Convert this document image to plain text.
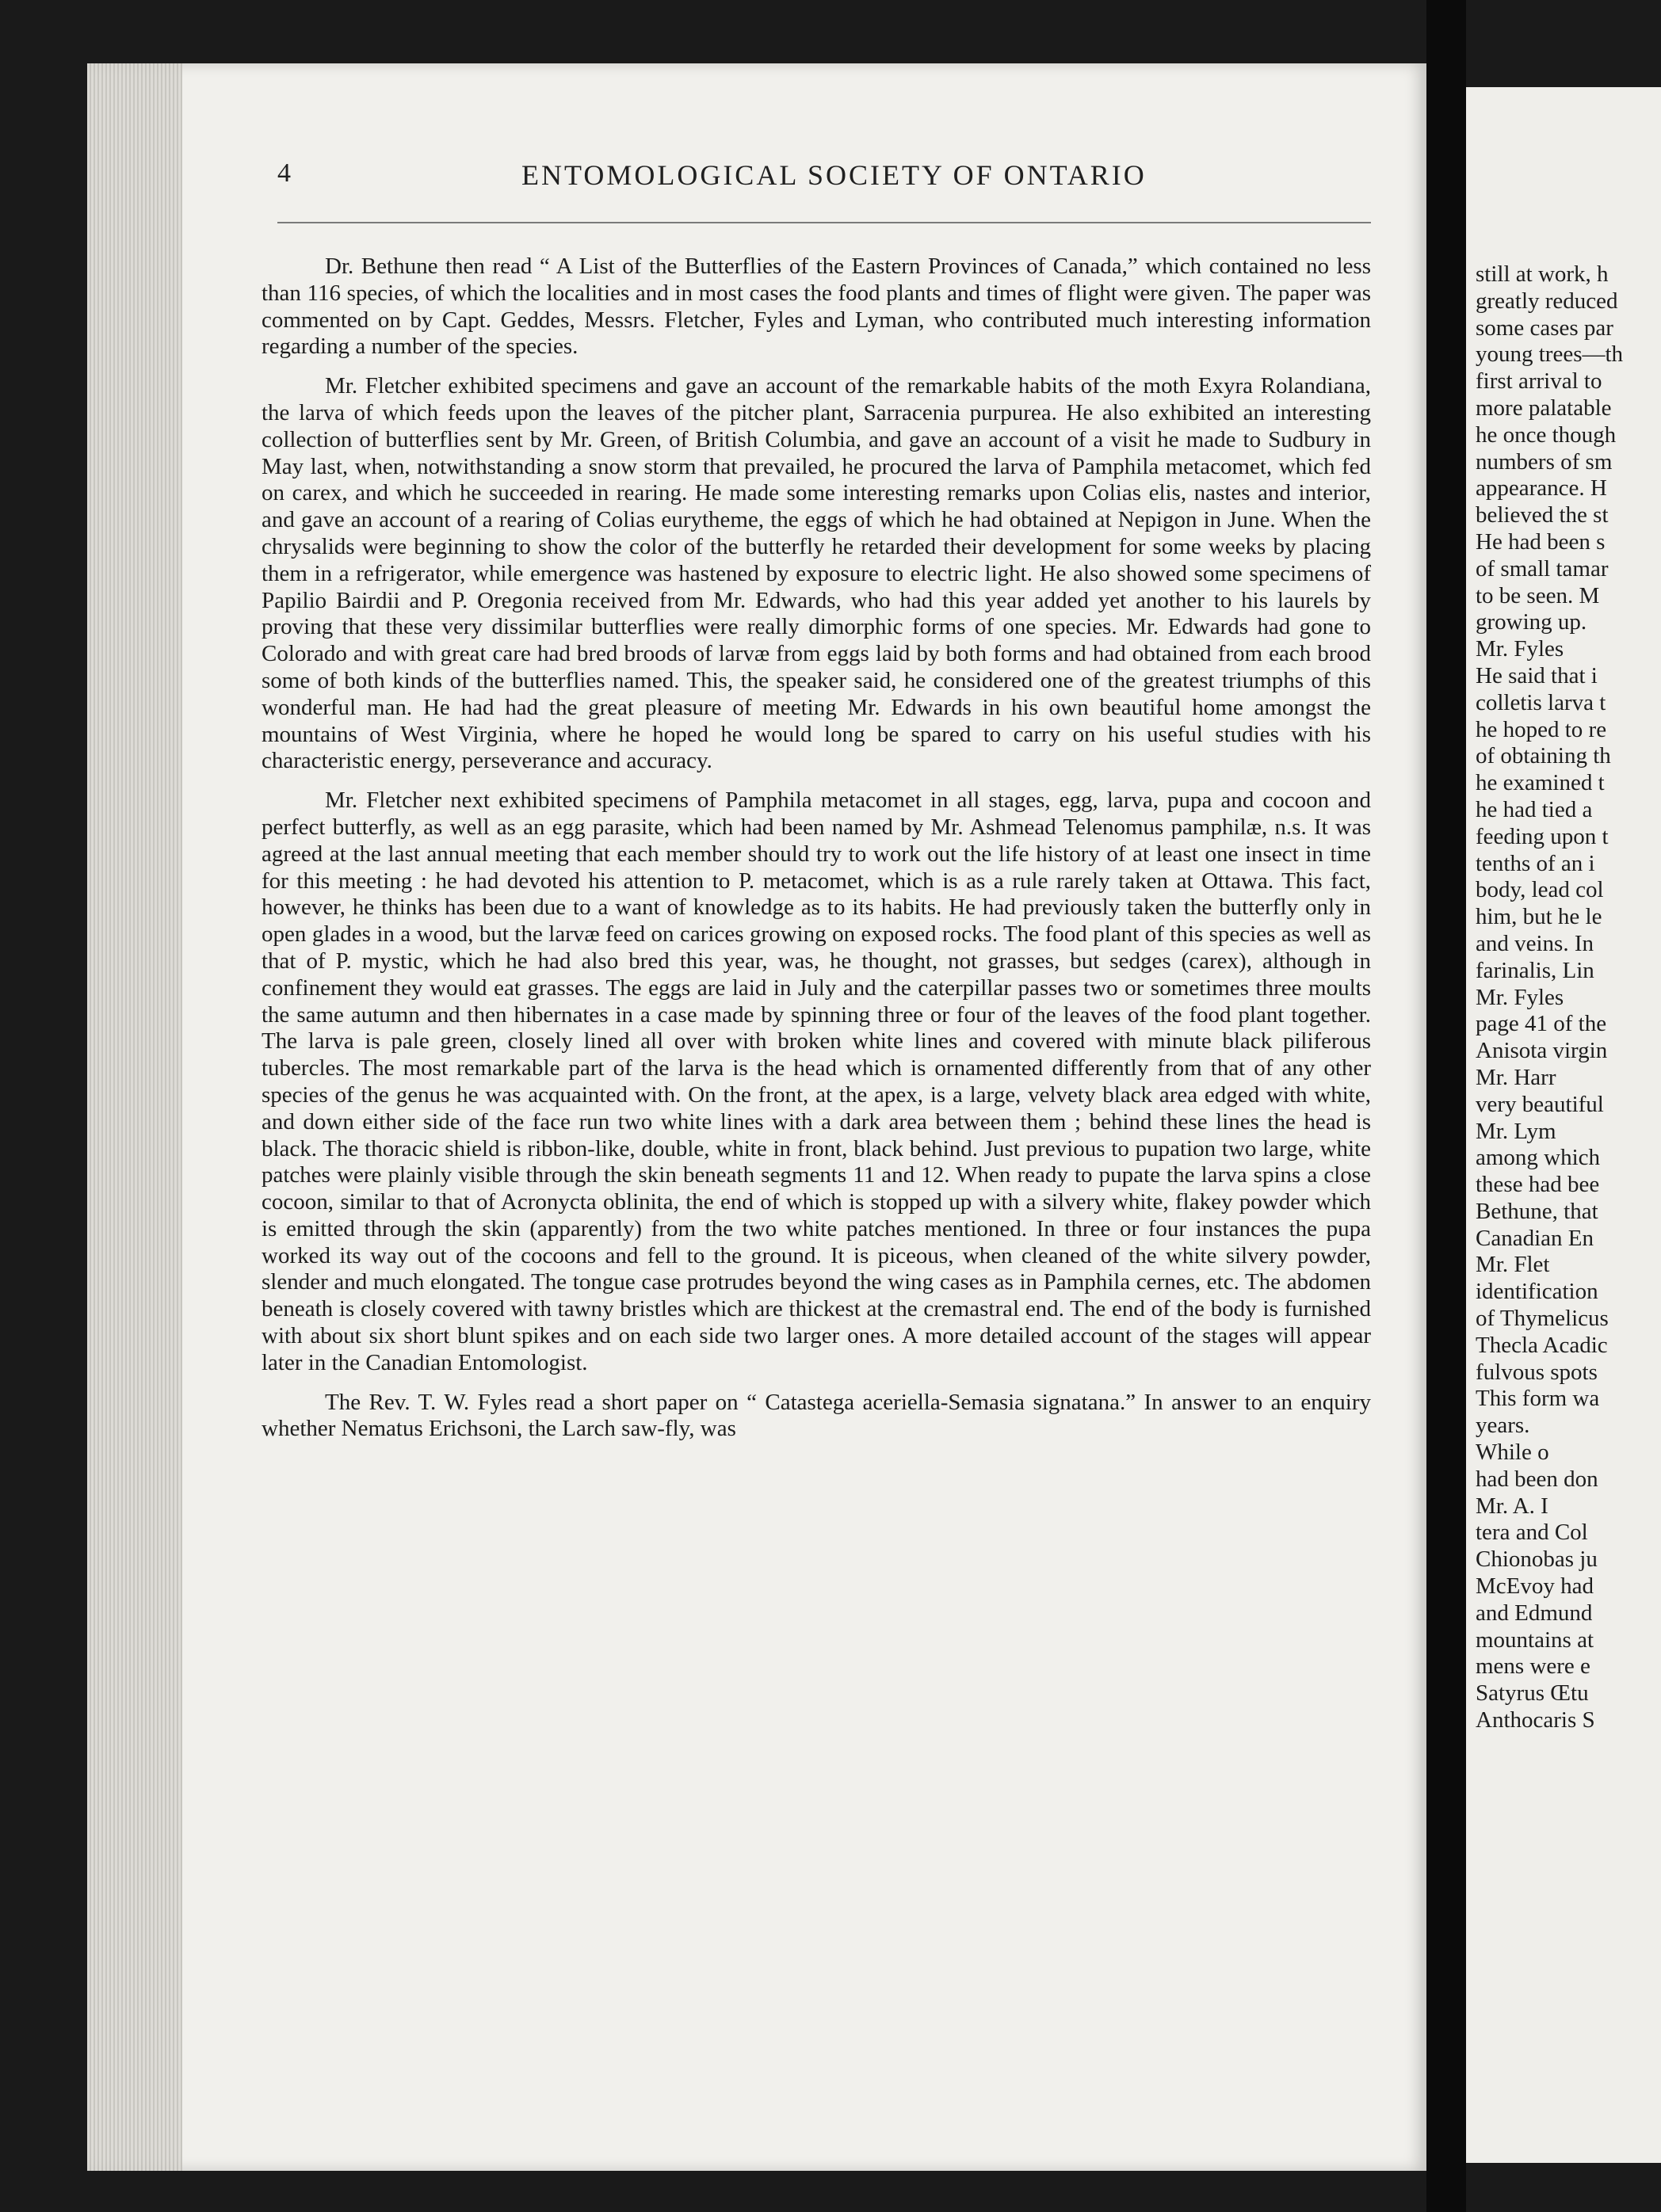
4	ENTOMOLOGICAL SOCIETY OF ONTARIO

Dr. Bethune then read “ A List of the Butterflies of the Eastern Provinces of Canada,” which contained no less than 116 species, of which the localities and in most cases the food plants and times of flight were given. The paper was commented on by Capt. Geddes, Messrs. Fletcher, Fyles and Lyman, who contributed much interesting information regarding a number of the species.

Mr. Fletcher exhibited specimens and gave an account of the remarkable habits of the moth Exyra Rolandiana, the larva of which feeds upon the leaves of the pitcher plant, Sarracenia purpurea. He also exhibited an interesting collection of butterflies sent by Mr. Green, of British Columbia, and gave an account of a visit he made to Sudbury in May last, when, notwithstanding a snow storm that prevailed, he procured the larva of Pamphila metacomet, which fed on carex, and which he succeeded in rearing. He made some interesting remarks upon Colias elis, nastes and interior, and gave an account of a rearing of Colias eurytheme, the eggs of which he had obtained at Nepigon in June. When the chrysalids were beginning to show the color of the butterfly he retarded their development for some weeks by placing them in a refrigerator, while emergence was hastened by exposure to electric light. He also showed some specimens of Papilio Bairdii and P. Oregonia received from Mr. Edwards, who had this year added yet another to his laurels by proving that these very dissimilar butterflies were really dimorphic forms of one species. Mr. Edwards had gone to Colorado and with great care had bred broods of larvæ from eggs laid by both forms and had obtained from each brood some of both kinds of the butterflies named. This, the speaker said, he considered one of the greatest triumphs of this wonderful man. He had had the great pleasure of meeting Mr. Edwards in his own beautiful home amongst the mountains of West Virginia, where he hoped he would long be spared to carry on his useful studies with his characteristic energy, perseverance and accuracy.

Mr. Fletcher next exhibited specimens of Pamphila metacomet in all stages, egg, larva, pupa and cocoon and perfect butterfly, as well as an egg parasite, which had been named by Mr. Ashmead Telenomus pamphilæ, n.s. It was agreed at the last annual meeting that each member should try to work out the life history of at least one insect in time for this meeting : he had devoted his attention to P. metacomet, which is as a rule rarely taken at Ottawa. This fact, however, he thinks has been due to a want of knowledge as to its habits. He had previously taken the butterfly only in open glades in a wood, but the larvæ feed on carices growing on exposed rocks. The food plant of this species as well as that of P. mystic, which he had also bred this year, was, he thought, not grasses, but sedges (carex), although in confinement they would eat grasses. The eggs are laid in July and the caterpillar passes two or sometimes three moults the same autumn and then hibernates in a case made by spinning three or four of the leaves of the food plant together. The larva is pale green, closely lined all over with broken white lines and covered with minute black piliferous tubercles. The most remarkable part of the larva is the head which is ornamented differently from that of any other species of the genus he was acquainted with. On the front, at the apex, is a large, velvety black area edged with white, and down either side of the face run two white lines with a dark area between them ; behind these lines the head is black. The thoracic shield is ribbon-like, double, white in front, black behind. Just previous to pupation two large, white patches were plainly visible through the skin beneath segments 11 and 12. When ready to pupate the larva spins a close cocoon, similar to that of Acronycta oblinita, the end of which is stopped up with a silvery white, flakey powder which is emitted through the skin (apparently) from the two white patches mentioned. In three or four instances the pupa worked its way out of the cocoons and fell to the ground. It is piceous, when cleaned of the white silvery powder, slender and much elongated. The tongue case protrudes beyond the wing cases as in Pamphila cernes, etc. The abdomen beneath is closely covered with tawny bristles which are thickest at the cremastral end. The end of the body is furnished with about six short blunt spikes and on each side two larger ones. A more detailed account of the stages will appear later in the Canadian Entomologist.

The Rev. T. W. Fyles read a short paper on “ Catastega aceriella-Semasia signatana.” In answer to an enquiry whether Nematus Erichsoni, the Larch saw-fly, was

still at work, h
greatly reduced
some cases par
young trees—th
first arrival to
more palatable
he once though
numbers of sm
appearance. H
believed the st
He had been s
of small tamar
to be seen. M
growing up.
Mr. Fyles
He said that i
colletis larva t
he hoped to re
of obtaining th
he examined t
he had tied a
feeding upon t
tenths of an i
body, lead col
him, but he le
and veins. In
farinalis, Lin
Mr. Fyles
page 41 of the
Anisota virgin
Mr. Harr
very beautiful
Mr. Lym
among which
these had bee
Bethune, that
Canadian En
Mr. Flet
identification
of Thymelicus
Thecla Acadic
fulvous spots
This form wa
years.
While o
had been don
Mr. A. I
tera and Col
Chionobas ju
McEvoy had
and Edmund
mountains at
mens were e
Satyrus Œtu
Anthocaris S
